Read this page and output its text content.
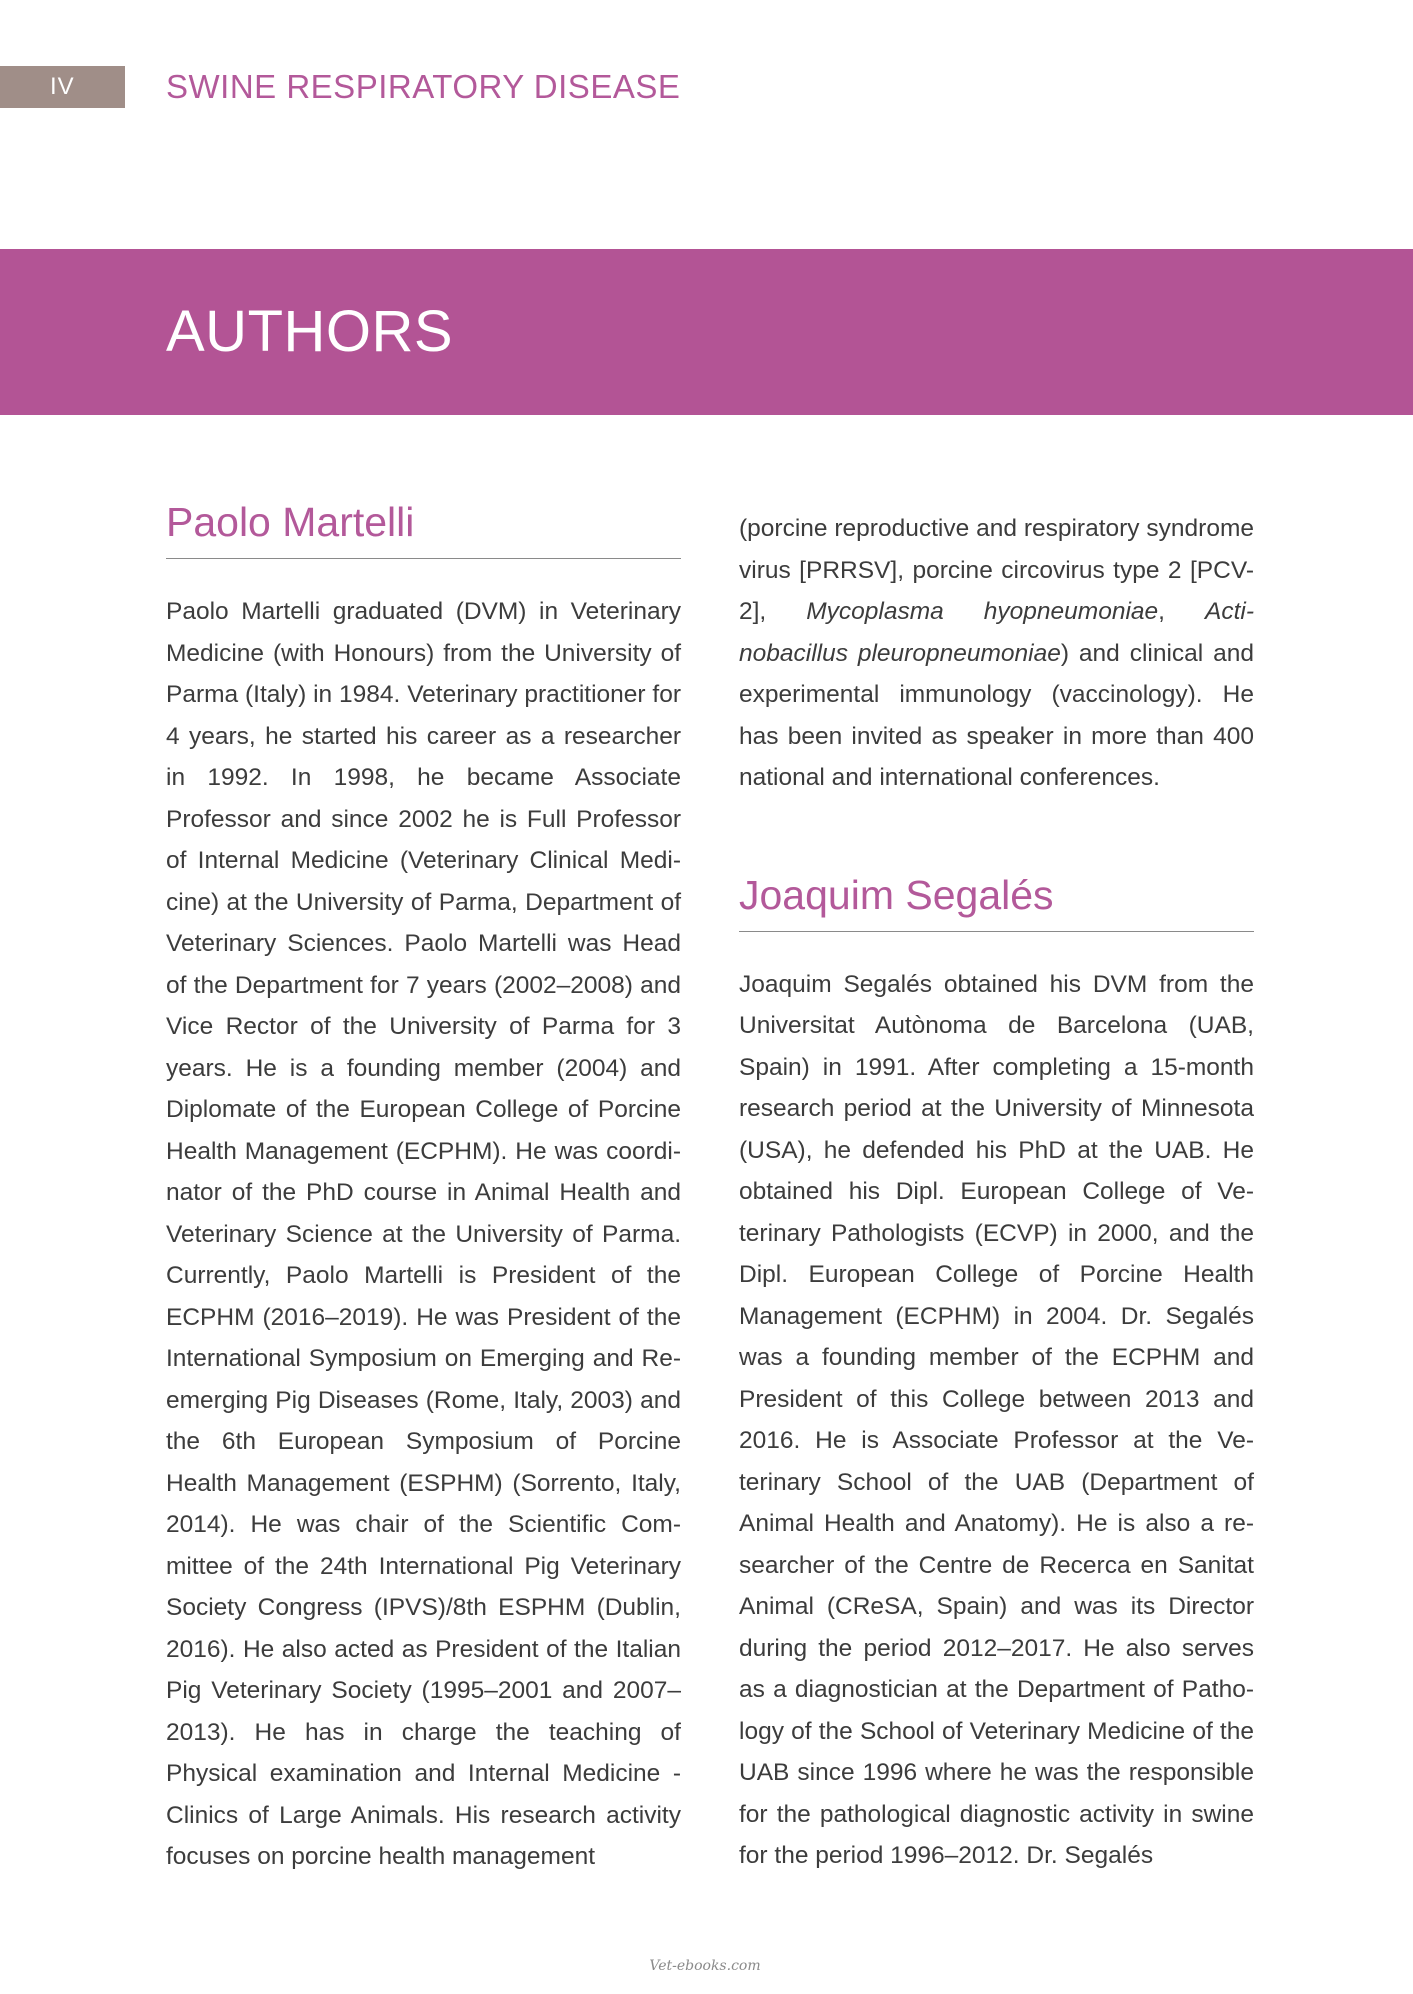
IV	SWINE RESPIRATORY DISEASE
AUTHORS
Paolo Martelli

Paolo Martelli graduated (DVM) in Veterinary Medicine (with Honours) from the University of Parma (Italy) in 1984. Veterinary practitioner for 4 years, he started his career as a researcher in 1992. In 1998, he became Associate Professor and since 2002 he is Full Professor of Internal Medicine (Veterinary Clinical Medicine) at the University of Parma, Department of Veterinary Sciences. Paolo Martelli was Head of the Department for 7 years (2002–2008) and Vice Rector of the University of Parma for 3 years. He is a founding member (2004) and Diplomate of the European College of Porcine Health Management (ECPHM). He was coordinator of the PhD course in Animal Health and Veterinary Science at the University of Parma. Currently, Paolo Martelli is President of the ECPHM (2016–2019). He was President of the International Symposium on Emerging and Re-emerging Pig Diseases (Rome, Italy, 2003) and the 6th European Symposium of Porcine Health Management (ESPHM) (Sorrento, Italy, 2014). He was chair of the Scientific Committee of the 24th International Pig Veterinary Society Congress (IPVS)/8th ESPHM (Dublin, 2016). He also acted as President of the Italian Pig Veterinary Society (1995–2001 and 2007–2013). He has in charge the teaching of Physical examination and Internal Medicine - Clinics of Large Animals. His research activity focuses on porcine health management

(porcine reproductive and respiratory syndrome virus [PRRSV], porcine circovirus type 2 [PCV-2], Mycoplasma hyopneumoniae, Actinobacillus pleuropneumoniae) and clinical and experimental immunology (vaccinology). He has been invited as speaker in more than 400 national and international conferences.

Joaquim Segalés

Joaquim Segalés obtained his DVM from the Universitat Autònoma de Barcelona (UAB, Spain) in 1991. After completing a 15-month research period at the University of Minnesota (USA), he defended his PhD at the UAB. He obtained his Dipl. European College of Veterinary Pathologists (ECVP) in 2000, and the Dipl. European College of Porcine Health Management (ECPHM) in 2004. Dr. Segalés was a founding member of the ECPHM and President of this College between 2013 and 2016. He is Associate Professor at the Veterinary School of the UAB (Department of Animal Health and Anatomy). He is also a researcher of the Centre de Recerca en Sanitat Animal (CReSA, Spain) and was its Director during the period 2012–2017. He also serves as a diagnostician at the Department of Pathology of the School of Veterinary Medicine of the UAB since 1996 where he was the responsible for the pathological diagnostic activity in swine for the period 1996–2012. Dr. Segalés

Vet-ebooks.com
